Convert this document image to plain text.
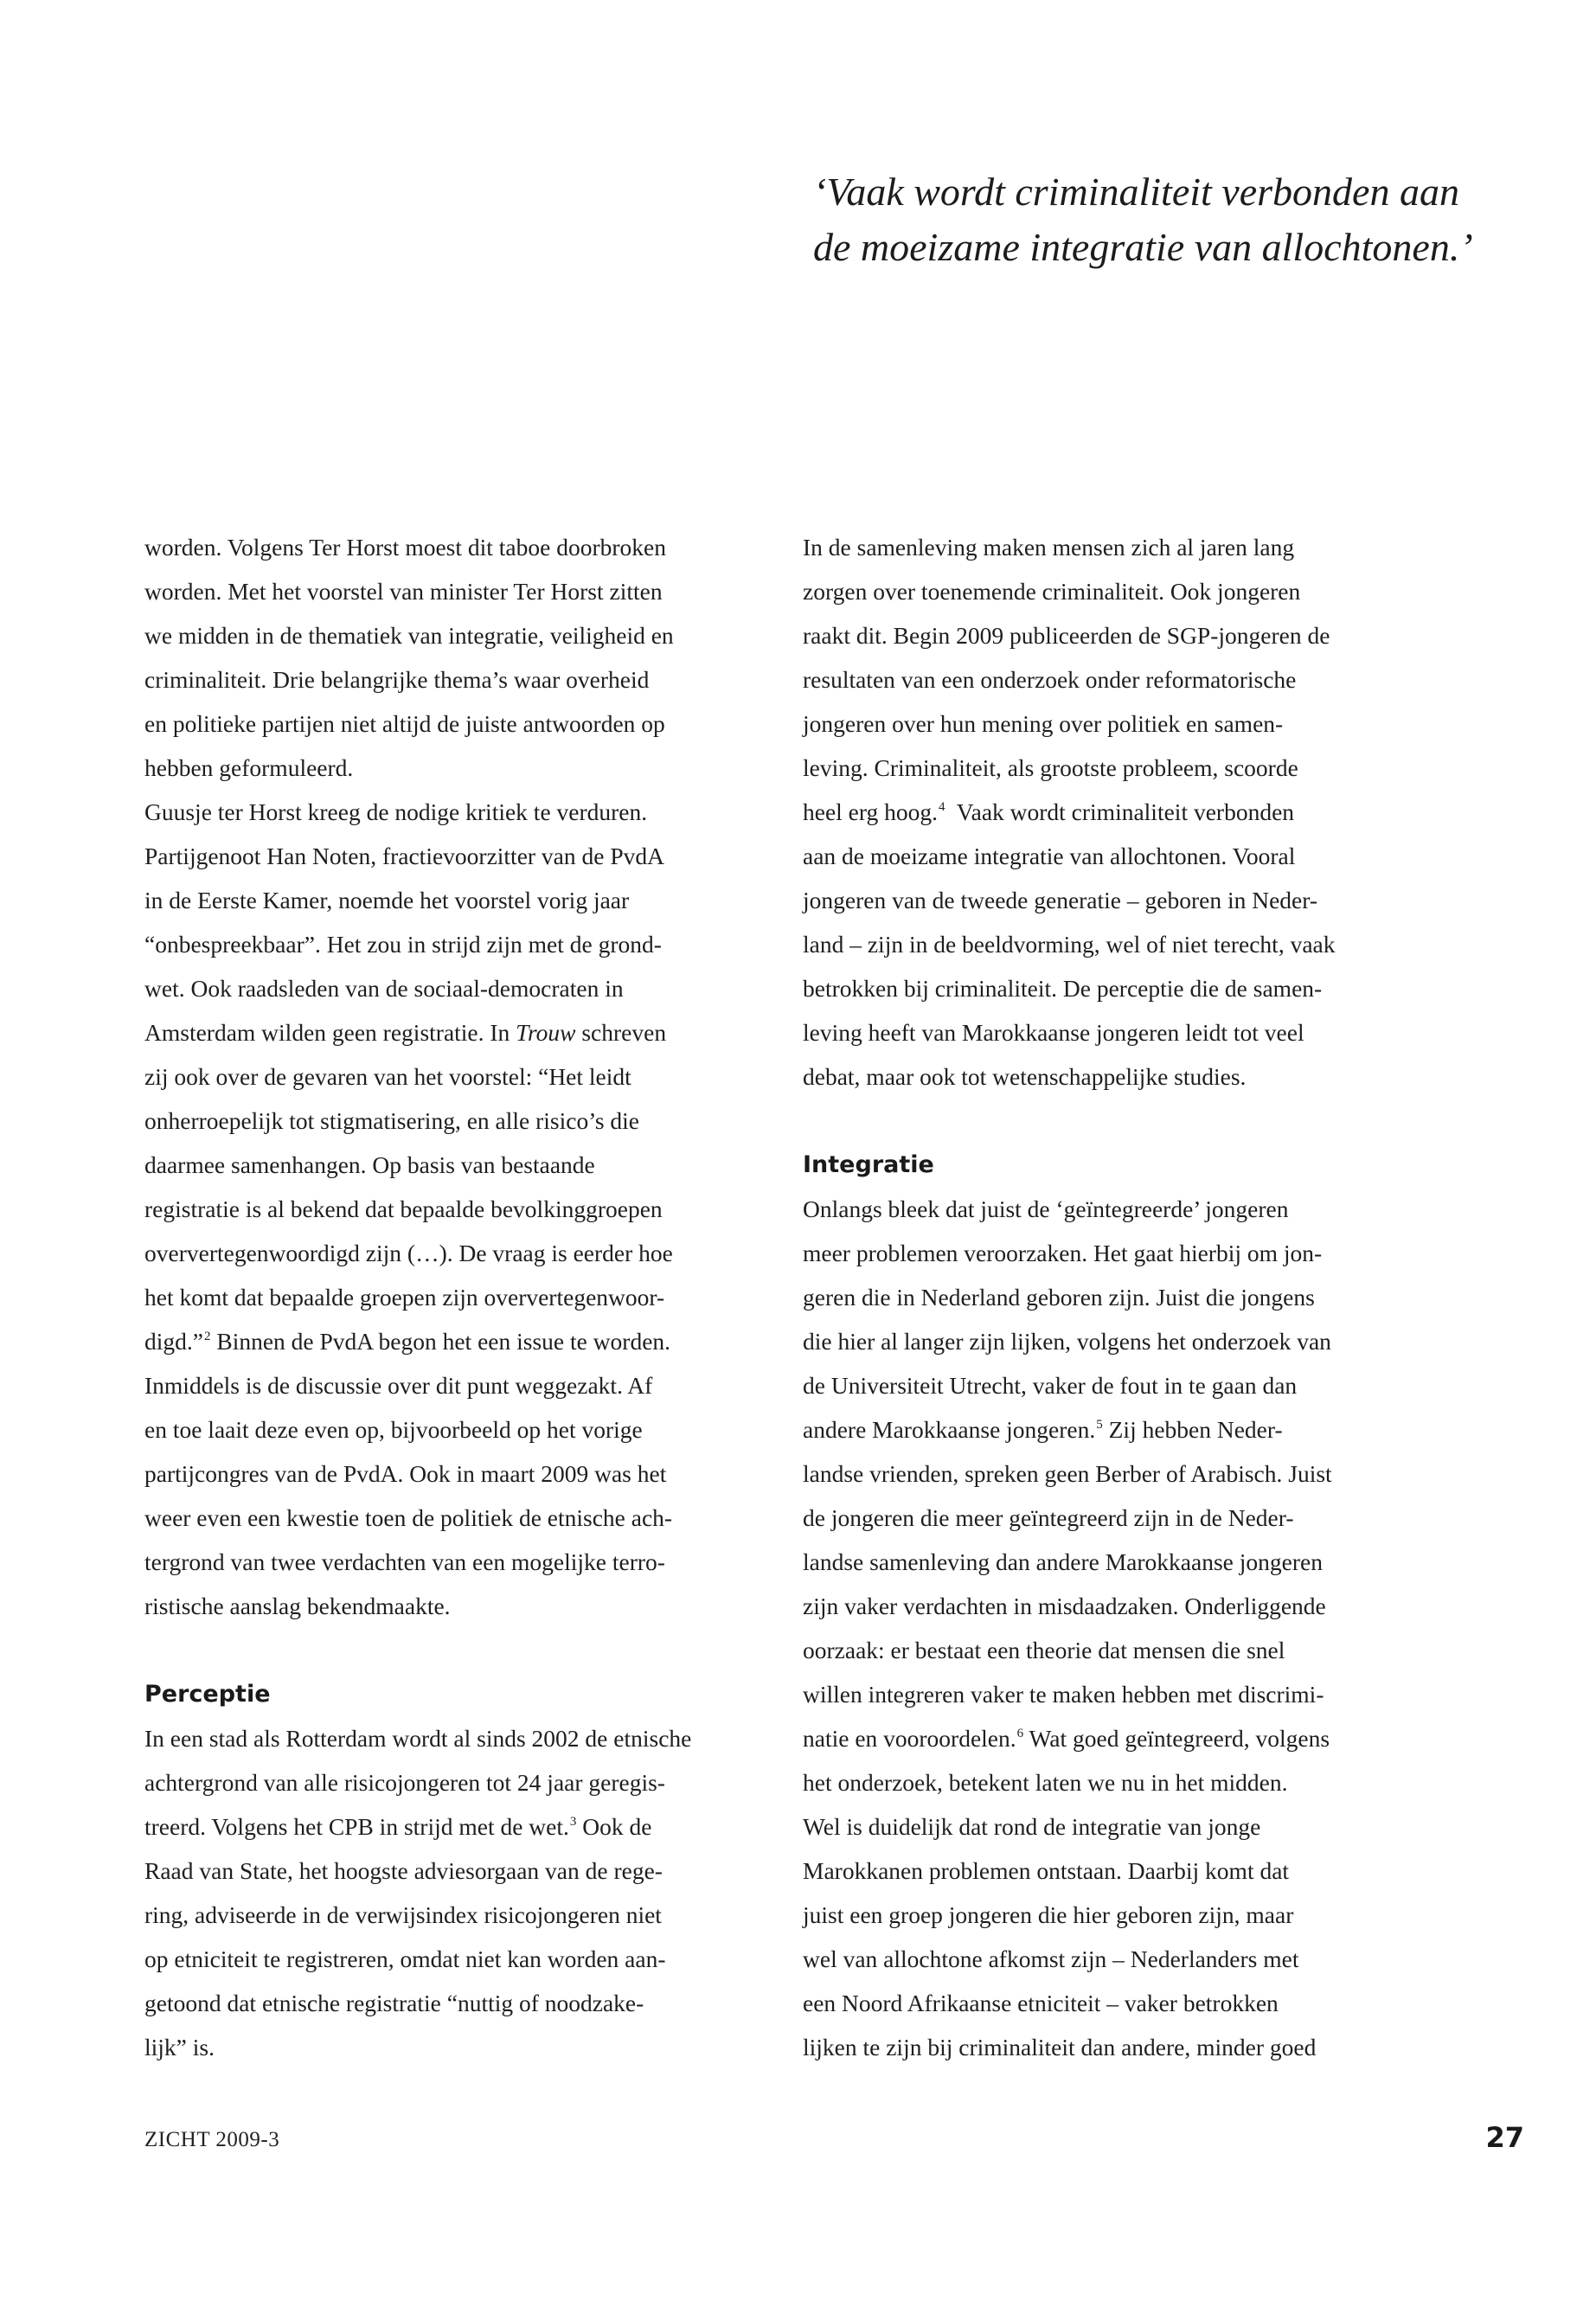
‘Vaak wordt criminaliteit verbonden aan
de moeizame integratie van allochtonen.’
worden. Volgens Ter Horst moest dit taboe doorbroken
worden. Met het voorstel van minister Ter Horst zitten
we midden in de thematiek van integratie, veiligheid en
criminaliteit. Drie belangrijke thema’s waar overheid
en politieke partijen niet altijd de juiste antwoorden op
hebben geformuleerd.
Guusje ter Horst kreeg de nodige kritiek te verduren.
Partijgenoot Han Noten, fractievoorzitter van de PvdA
in de Eerste Kamer, noemde het voorstel vorig jaar
“onbespreekbaar”. Het zou in strijd zijn met de grond-
wet. Ook raadsleden van de sociaal-democraten in
Amsterdam wilden geen registratie. In Trouw schreven
zij ook over de gevaren van het voorstel: “Het leidt
onherroepelijk tot stigmatisering, en alle risico’s die
daarmee samenhangen. Op basis van bestaande
registratie is al bekend dat bepaalde bevolkinggroepen
oververtegenwoordigd zijn (…). De vraag is eerder hoe
het komt dat bepaalde groepen zijn oververtegenwoor-
digd.”$^2$ Binnen de PvdA begon het een issue te worden.
Inmiddels is de discussie over dit punt weggezakt. Af
en toe laait deze even op, bijvoorbeeld op het vorige
partijcongres van de PvdA. Ook in maart 2009 was het
weer even een kwestie toen de politiek de etnische ach-
tergrond van twee verdachten van een mogelijke terro-
ristische aanslag bekendmaakte.
Perceptie
In een stad als Rotterdam wordt al sinds 2002 de etnische
achtergrond van alle risicojongeren tot 24 jaar geregis-
treerd. Volgens het CPB in strijd met de wet.$^3$ Ook de
Raad van State, het hoogste adviesorgaan van de rege-
ring, adviseerde in de verwijsindex risicojongeren niet
op etniciteit te registreren, omdat niet kan worden aan-
getoond dat etnische registratie “nuttig of noodzake-
lijk” is.
In de samenleving maken mensen zich al jaren lang
zorgen over toenemende criminaliteit. Ook jongeren
raakt dit. Begin 2009 publiceerden de SGP-jongeren de
resultaten van een onderzoek onder reformatorische
jongeren over hun mening over politiek en samen-
leving. Criminaliteit, als grootste probleem, scoorde
heel erg hoog.$^4$  Vaak wordt criminaliteit verbonden
aan de moeizame integratie van allochtonen. Vooral
jongeren van de tweede generatie – geboren in Neder-
land – zijn in de beeldvorming, wel of niet terecht, vaak
betrokken bij criminaliteit. De perceptie die de samen-
leving heeft van Marokkaanse jongeren leidt tot veel
debat, maar ook tot wetenschappelijke studies.
Integratie
Onlangs bleek dat juist de ‘geïntegreerde’ jongeren
meer problemen veroorzaken. Het gaat hierbij om jon-
geren die in Nederland geboren zijn. Juist die jongens
die hier al langer zijn lijken, volgens het onderzoek van
de Universiteit Utrecht, vaker de fout in te gaan dan
andere Marokkaanse jongeren.$^5$ Zij hebben Neder-
landse vrienden, spreken geen Berber of Arabisch. Juist
de jongeren die meer geïntegreerd zijn in de Neder-
landse samenleving dan andere Marokkaanse jongeren
zijn vaker verdachten in misdaadzaken. Onderliggende
oorzaak: er bestaat een theorie dat mensen die snel
willen integreren vaker te maken hebben met discrimi-
natie en vooroordelen.$^6$ Wat goed geïntegreerd, volgens
het onderzoek, betekent laten we nu in het midden.
Wel is duidelijk dat rond de integratie van jonge
Marokkanen problemen ontstaan. Daarbij komt dat
juist een groep jongeren die hier geboren zijn, maar
wel van allochtone afkomst zijn – Nederlanders met
een Noord Afrikaanse etniciteit – vaker betrokken
lijken te zijn bij criminaliteit dan andere, minder goed
ZICHT 2009-3	27
